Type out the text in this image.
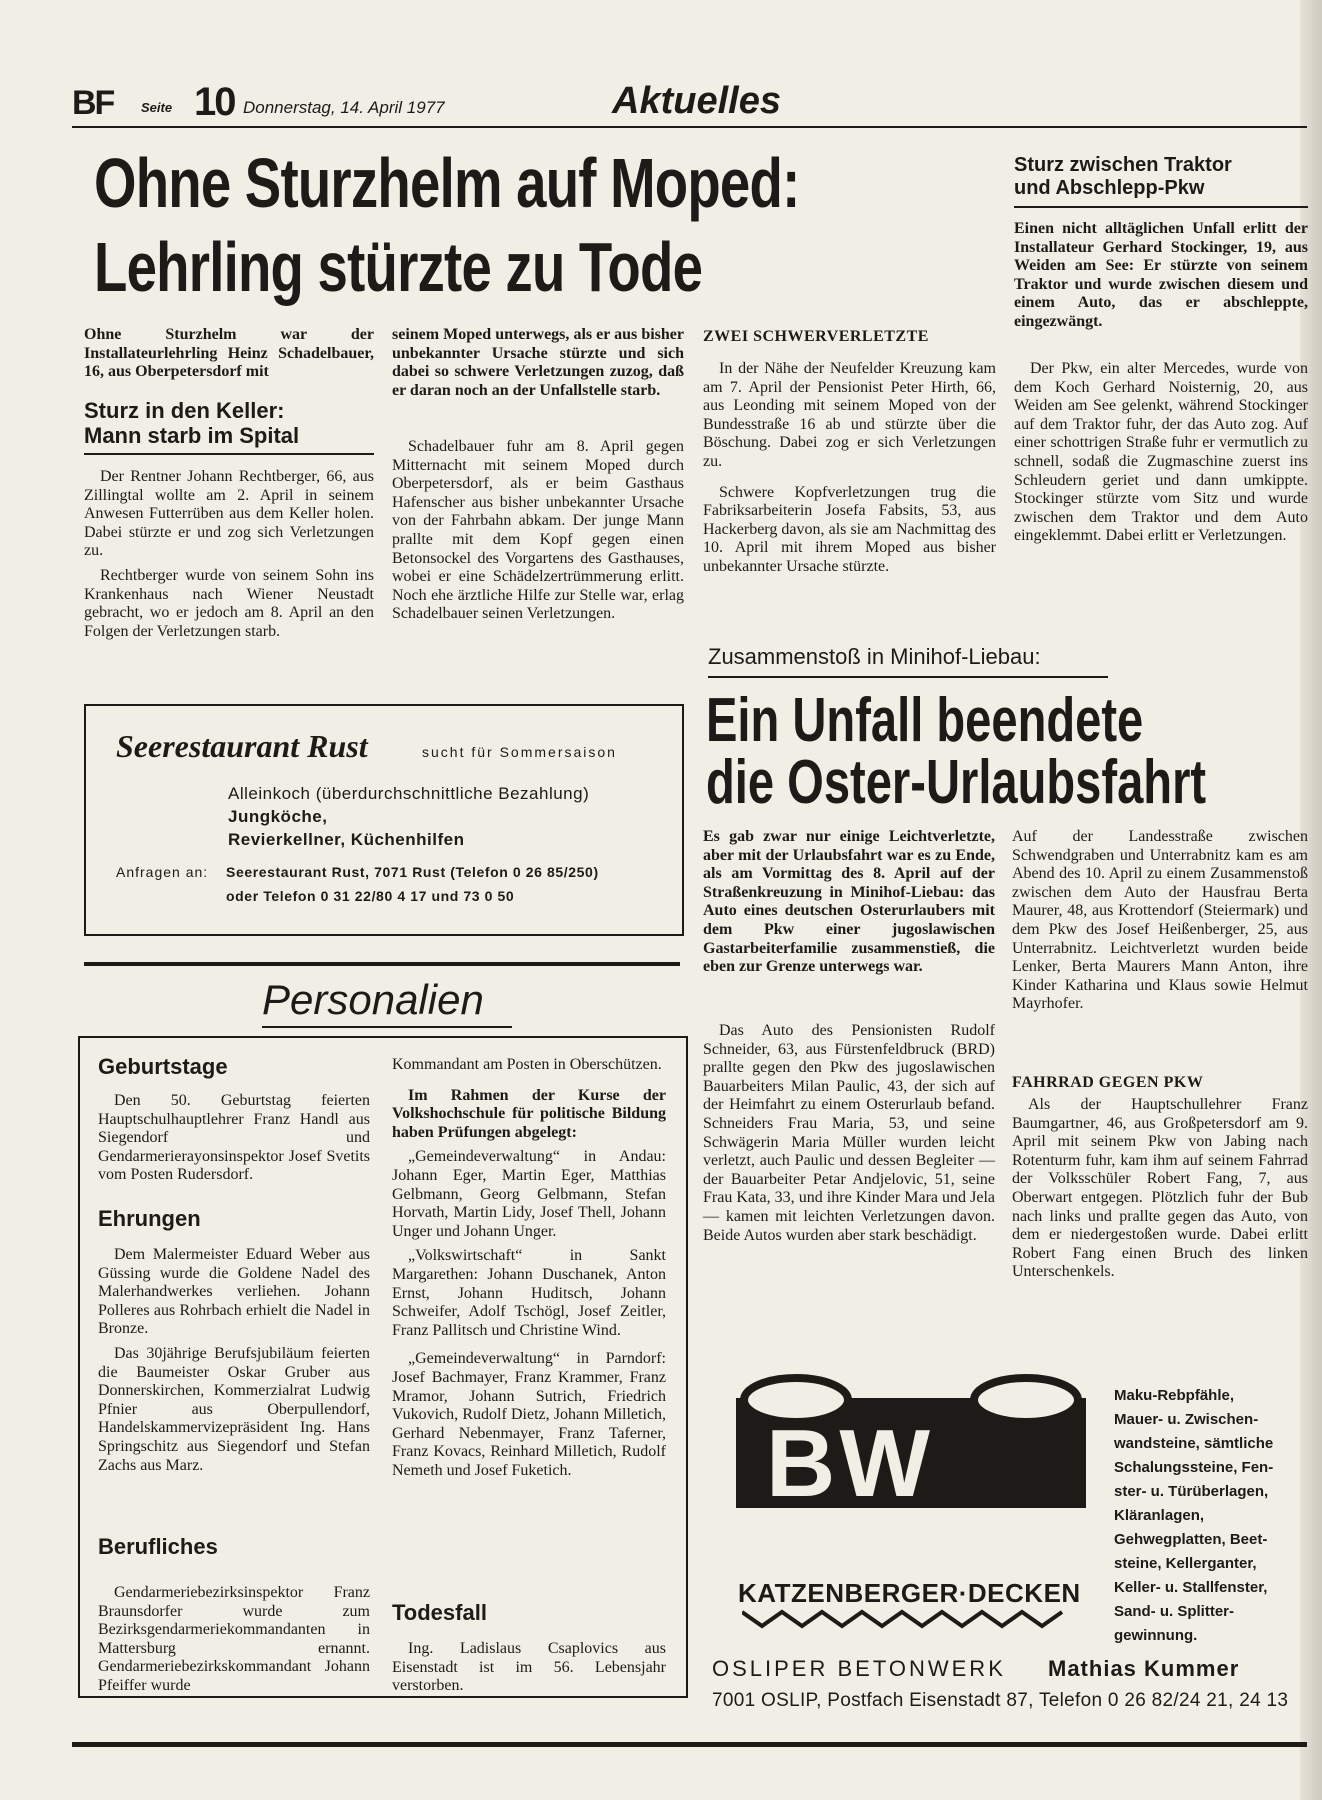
BF Seite 10 Donnerstag, 14. April 1977	Aktuelles
Ohne Sturzhelm auf Moped:
Lehrling stürzte zu Tode
Ohne Sturzhelm war der Installateurlehrling Heinz Schadelbauer, 16, aus Oberpetersdorf mit
Sturz in den Keller:
Mann starb im Spital

Der Rentner Johann Rechtberger, 66, aus Zillingtal wollte am 2. April in seinem Anwesen Futterrüben aus dem Keller holen. Dabei stürzte er und zog sich Verletzungen zu.

Rechtberger wurde von seinem Sohn ins Krankenhaus nach Wiener Neustadt gebracht, wo er jedoch am 8. April an den Folgen der Verletzungen starb.

seinem Moped unterwegs, als er aus bisher unbekannter Ursache stürzte und sich dabei so schwere Verletzungen zuzog, daß er daran noch an der Unfallstelle starb.

Schadelbauer fuhr am 8. April gegen Mitternacht mit seinem Moped durch Oberpetersdorf, als er beim Gasthaus Hafenscher aus bisher unbekannter Ursache von der Fahrbahn abkam. Der junge Mann prallte mit dem Kopf gegen einen Betonsockel des Vorgartens des Gasthauses, wobei er eine Schädelzertrümmerung erlitt. Noch ehe ärztliche Hilfe zur Stelle war, erlag Schadelbauer seinen Verletzungen.

ZWEI SCHWERVERLETZTE

In der Nähe der Neufelder Kreuzung kam am 7. April der Pensionist Peter Hirth, 66, aus Leonding mit seinem Moped von der Bundesstraße 16 ab und stürzte über die Böschung. Dabei zog er sich Verletzungen zu.

Schwere Kopfverletzungen trug die Fabriksarbeiterin Josefa Fabsits, 53, aus Hackerberg davon, als sie am Nachmittag des 10. April mit ihrem Moped aus bisher unbekannter Ursache stürzte.

Sturz zwischen Traktor
und Abschlepp-Pkw
Einen nicht alltäglichen Unfall erlitt der Installateur Gerhard Stockinger, 19, aus Weiden am See: Er stürzte von seinem Traktor und wurde zwischen diesem und einem Auto, das er abschleppte, eingezwängt.

Der Pkw, ein alter Mercedes, wurde von dem Koch Gerhard Noisternig, 20, aus Weiden am See gelenkt, während Stockinger auf dem Traktor fuhr, der das Auto zog. Auf einer schottrigen Straße fuhr er vermutlich zu schnell, sodaß die Zugmaschine zuerst ins Schleudern geriet und dann umkippte. Stockinger stürzte vom Sitz und wurde zwischen dem Traktor und dem Auto eingeklemmt. Dabei erlitt er Verletzungen.

Seerestaurant Rust	sucht für Sommersaison
Alleinkoch (überdurchschnittliche Bezahlung)
Jungköche,
Revierkellner, Küchenhilfen
Anfragen an: Seerestaurant Rust, 7071 Rust (Telefon 0 26 85/250)
oder Telefon 0 31 22/80 4 17 und 73 0 50
Personalien
Geburtstage

Den 50. Geburtstag feierten Hauptschulhauptlehrer Franz Handl aus Siegendorf und Gendarmerierayonsinspektor Josef Svetits vom Posten Rudersdorf.

Ehrungen

Dem Malermeister Eduard Weber aus Güssing wurde die Goldene Nadel des Malerhandwerkes verliehen. Johann Polleres aus Rohrbach erhielt die Nadel in Bronze.

Das 30jährige Berufsjubiläum feierten die Baumeister Oskar Gruber aus Donnerskirchen, Kommerzialrat Ludwig Pfnier aus Oberpullendorf, Handelskammervizepräsident Ing. Hans Springschitz aus Siegendorf und Stefan Zachs aus Marz.

Berufliches

Gendarmeriebezirksinspektor Franz Braunsdorfer wurde zum Bezirksgendarmeriekommandanten in Mattersburg ernannt. Gendarmeriebezirkskommandant Johann Pfeiffer wurde

Kommandant am Posten in Oberschützen.

Im Rahmen der Kurse der Volkshochschule für politische Bildung haben Prüfungen abgelegt:

„Gemeindeverwaltung“ in Andau: Johann Eger, Martin Eger, Matthias Gelbmann, Georg Gelbmann, Stefan Horvath, Martin Lidy, Josef Thell, Johann Unger und Johann Unger.

„Volkswirtschaft“ in Sankt Margarethen: Johann Duschanek, Anton Ernst, Johann Huditsch, Johann Schweifer, Adolf Tschögl, Josef Zeitler, Franz Pallitsch und Christine Wind.

„Gemeindeverwaltung“ in Parndorf: Josef Bachmayer, Franz Krammer, Franz Mramor, Johann Sutrich, Friedrich Vukovich, Rudolf Dietz, Johann Milletich, Gerhard Nebenmayer, Franz Taferner, Franz Kovacs, Reinhard Milletich, Rudolf Nemeth und Josef Fuketich.

Todesfall

Ing. Ladislaus Csaplovics aus Eisenstadt ist im 56. Lebensjahr verstorben.

Zusammenstoß in Minihof-Liebau:
Ein Unfall beendete
die Oster-Urlaubsfahrt
Es gab zwar nur einige Leichtverletzte, aber mit der Urlaubsfahrt war es zu Ende, als am Vormittag des 8. April auf der Straßenkreuzung in Minihof-Liebau: das Auto eines deutschen Osterurlaubers mit dem Pkw einer jugoslawischen Gastarbeiterfamilie zusammenstieß, die eben zur Grenze unterwegs war.

Das Auto des Pensionisten Rudolf Schneider, 63, aus Fürstenfeldbruck (BRD) prallte gegen den Pkw des jugoslawischen Bauarbeiters Milan Paulic, 43, der sich auf der Heimfahrt zu einem Osterurlaub befand. Schneiders Frau Maria, 53, und seine Schwägerin Maria Müller wurden leicht verletzt, auch Paulic und dessen Begleiter — der Bauarbeiter Petar Andjelovic, 51, seine Frau Kata, 33, und ihre Kinder Mara und Jela — kamen mit leichten Verletzungen davon. Beide Autos wurden aber stark beschädigt.

Auf der Landesstraße zwischen Schwendgraben und Unterrabnitz kam es am Abend des 10. April zu einem Zusammenstoß zwischen dem Auto der Hausfrau Berta Maurer, 48, aus Krottendorf (Steiermark) und dem Pkw des Josef Heißenberger, 25, aus Unterrabnitz. Leichtverletzt wurden beide Lenker, Berta Maurers Mann Anton, ihre Kinder Katharina und Klaus sowie Helmut Mayrhofer.

FAHRRAD GEGEN PKW

Als der Hauptschullehrer Franz Baumgartner, 46, aus Großpetersdorf am 9. April mit seinem Pkw von Jabing nach Rotenturm fuhr, kam ihm auf seinem Fahrrad der Volksschüler Robert Fang, 7, aus Oberwart entgegen. Plötzlich fuhr der Bub nach links und prallte gegen das Auto, von dem er niedergestoßen wurde. Dabei erlitt Robert Fang einen Bruch des linken Unterschenkels.

BW
KATZENBERGER·DECKEN
Maku-Rebpfähle,
Mauer- u. Zwischen-
wandsteine, sämtliche
Schalungssteine, Fen-
ster- u. Türüberlagen,
Kläranlagen,
Gehwegplatten, Beet-
steine, Kellerganter,
Keller- u. Stallfenster,
Sand- u. Splitter-
gewinnung.
OSLIPER BETONWERK Mathias Kummer
7001 OSLIP, Postfach Eisenstadt 87, Telefon 0 26 82/24 21, 24 13
